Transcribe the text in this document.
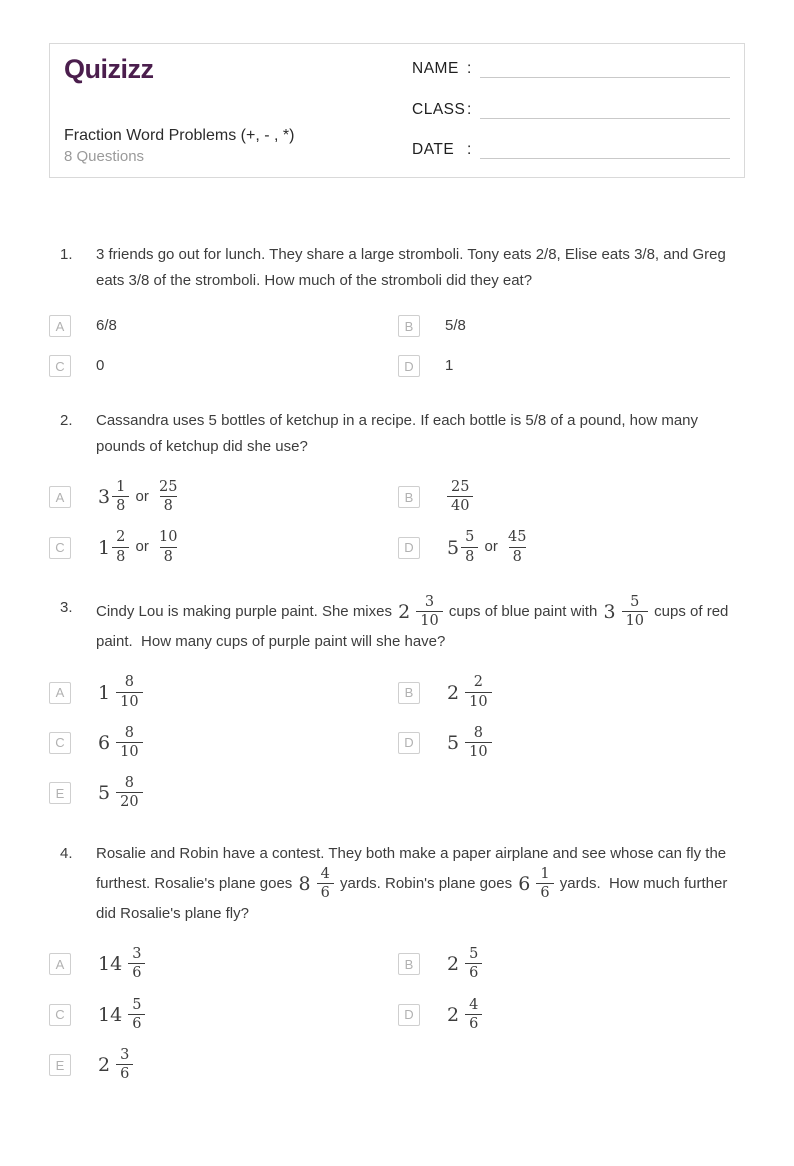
Quizizz
Fraction Word Problems (+, - , *)
8 Questions
NAME :
CLASS :
DATE :
1.	3 friends go out for lunch. They share a large stromboli. Tony eats 2/8, Elise eats 3/8, and Greg eats 3/8 of the stromboli. How much of the stromboli did they eat?
A	6/8	B	5/8
C	0	D	1
2.	Cassandra uses 5 bottles of ketchup in a recipe. If each bottle is 5/8 of a pound, how many pounds of ketchup did she use?
A	$3 \frac{1}{8}$ or $\frac{25}{8}$	B	$\frac{25}{40}$
C	$1 \frac{2}{8}$ or $\frac{10}{8}$	D	$5 \frac{5}{8}$ or $\frac{45}{8}$
3.	Cindy Lou is making purple paint. She mixes $2 \frac{3}{10}$ cups of blue paint with $3 \frac{5}{10}$ cups of red paint.  How many cups of purple paint will she have?
A	$1 \frac{8}{10}$	B	$2 \frac{2}{10}$
C	$6 \frac{8}{10}$	D	$5 \frac{8}{10}$
E	$5 \frac{8}{20}$
4.	Rosalie and Robin have a contest. They both make a paper airplane and see whose can fly the furthest. Rosalie's plane goes $8 \frac{4}{6}$ yards. Robin's plane goes $6 \frac{1}{6}$ yards.  How much further did Rosalie's plane fly?
A	$14 \frac{3}{6}$	B	$2 \frac{5}{6}$
C	$14 \frac{5}{6}$	D	$2 \frac{4}{6}$
E	$2 \frac{3}{6}$
